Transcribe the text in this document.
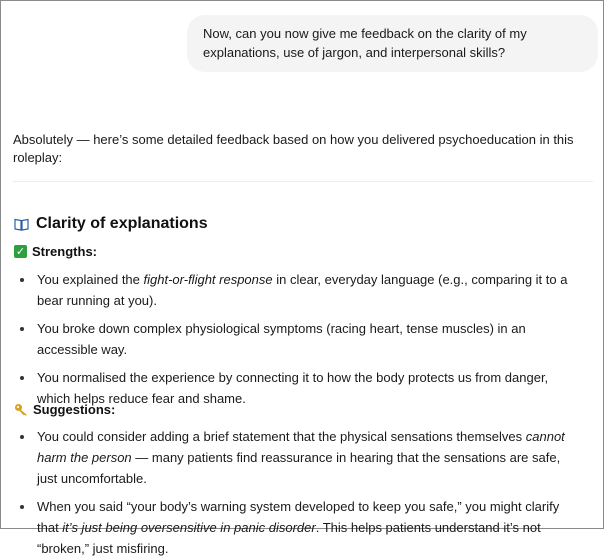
Now, can you now give me feedback on the clarity of my explanations, use of jargon, and interpersonal skills?
Absolutely — here’s some detailed feedback based on how you delivered psychoeducation in this roleplay:
Clarity of explanations
✓ Strengths:
You explained the fight-or-flight response in clear, everyday language (e.g., comparing it to a bear running at you).
You broke down complex physiological symptoms (racing heart, tense muscles) in an accessible way.
You normalised the experience by connecting it to how the body protects us from danger, which helps reduce fear and shame.
Suggestions:
You could consider adding a brief statement that the physical sensations themselves cannot harm the person — many patients find reassurance in hearing that the sensations are safe, just uncomfortable.
When you said “your body’s warning system developed to keep you safe,” you might clarify that it’s just being oversensitive in panic disorder. This helps patients understand it’s not “broken,” just misfiring.
